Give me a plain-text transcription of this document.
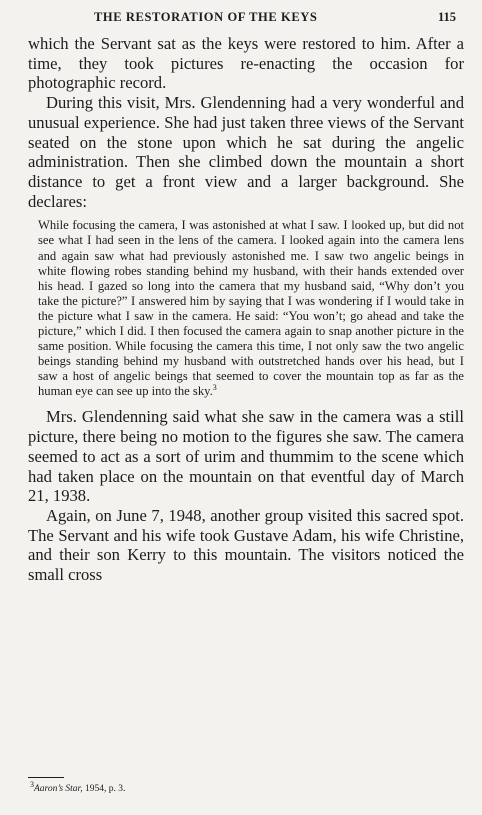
THE RESTORATION OF THE KEYS	115

which the Servant sat as the keys were restored to him. After a time, they took pictures re-enacting the occasion for photographic record.

During this visit, Mrs. Glendenning had a very wonderful and unusual experience. She had just taken three views of the Servant seated on the stone upon which he sat during the angelic administration. Then she climbed down the mountain a short distance to get a front view and a larger background. She declares:

While focusing the camera, I was astonished at what I saw. I looked up, but did not see what I had seen in the lens of the camera. I looked again into the camera lens and again saw what had previously astonished me. I saw two angelic beings in white flowing robes standing behind my husband, with their hands extended over his head. I gazed so long into the camera that my husband said, “Why don’t you take the picture?” I answered him by saying that I was wondering if I would take in the picture what I saw in the camera. He said: “You won’t; go ahead and take the picture,” which I did. I then focused the camera again to snap another picture in the same position. While focusing the camera this time, I not only saw the two angelic beings standing behind my husband with outstretched hands over his head, but I saw a host of angelic beings that seemed to cover the mountain top as far as the human eye can see up into the sky.$^3$

Mrs. Glendenning said what she saw in the camera was a still picture, there being no motion to the figures she saw. The camera seemed to act as a sort of urim and thummim to the scene which had taken place on the mountain on that eventful day of March 21, 1938.

Again, on June 7, 1948, another group visited this sacred spot. The Servant and his wife took Gustave Adam, his wife Christine, and their son Kerry to this mountain. The visitors noticed the small cross

$^3$Aaron’s Star, 1954, p. 3.
